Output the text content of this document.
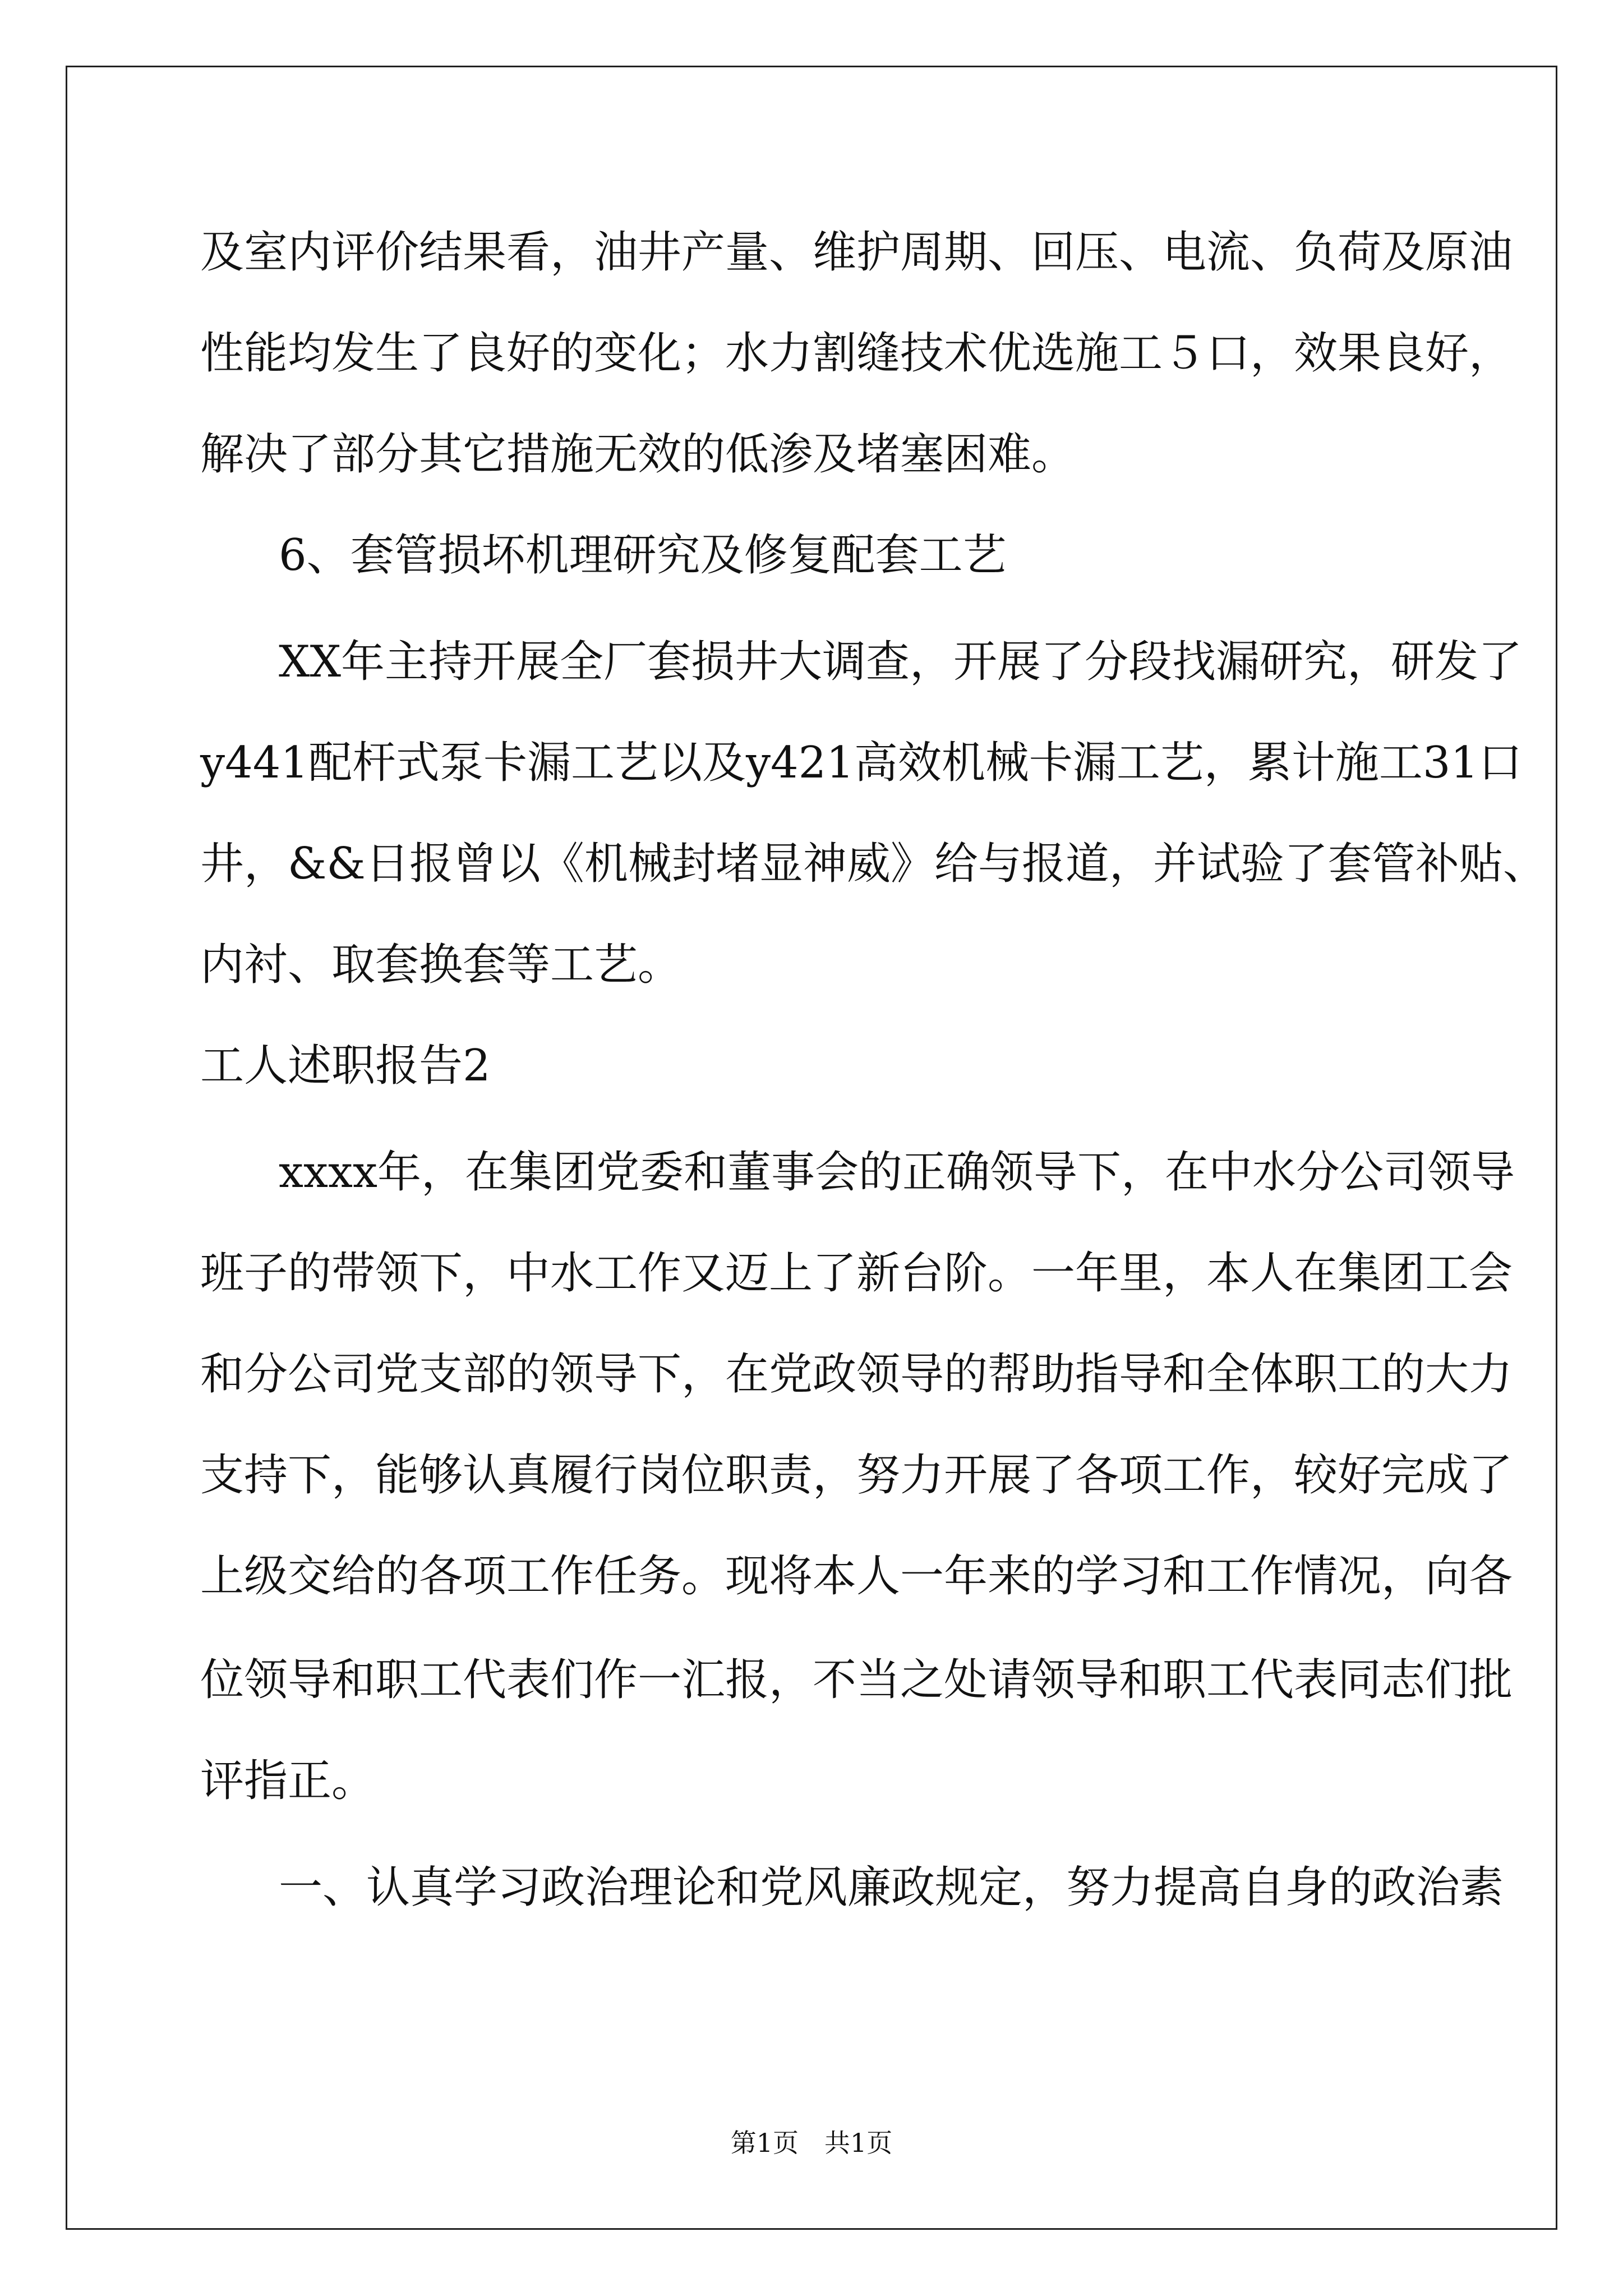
及室内评价结果看，油井产量、维护周期、回压、电流、负荷及原油
性能均发生了良好的变化；水力割缝技术优选施工５口，效果良好，
解决了部分其它措施无效的低渗及堵塞困难。
6、套管损坏机理研究及修复配套工艺
XX年主持开展全厂套损井大调查，开展了分段找漏研究，研发了
y441配杆式泵卡漏工艺以及y421高效机械卡漏工艺，累计施工31口
井，&&日报曾以《机械封堵显神威》给与报道，并试验了套管补贴、
内衬、取套换套等工艺。
工人述职报告2
xxxx年，在集团党委和董事会的正确领导下，在中水分公司领导
班子的带领下，中水工作又迈上了新台阶。一年里，本人在集团工会
和分公司党支部的领导下，在党政领导的帮助指导和全体职工的大力
支持下，能够认真履行岗位职责，努力开展了各项工作，较好完成了
上级交给的各项工作任务。现将本人一年来的学习和工作情况，向各
位领导和职工代表们作一汇报，不当之处请领导和职工代表同志们批
评指正。
一、认真学习政治理论和党风廉政规定，努力提高自身的政治素
第1页　共1页
